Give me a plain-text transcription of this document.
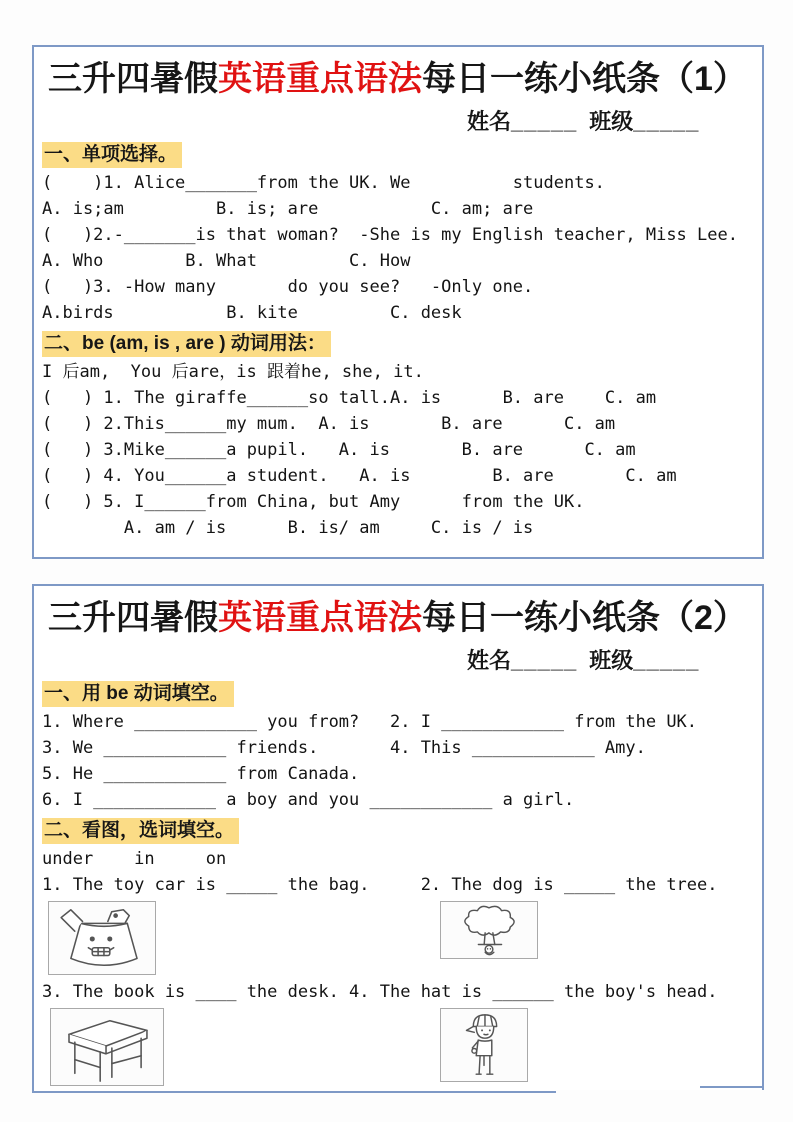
三升四暑假英语重点语法每日一练小纸条（1）
姓名_____ 班级_____
一、单项选择。
(    )1. Alice_______from the UK. We          students.
A. is;am         B. is; are           C. am; are
(   )2.-_______is that woman?  -She is my English teacher, Miss Lee.
A. Who        B. What         C. How
(   )3. -How many       do you see?   -Only one.
A.birds           B. kite         C. desk
二、be (am, is , are ) 动词用法：
I 后am,  You 后are，is 跟着he, she, it.
(   ) 1. The giraffe______so tall.A. is      B. are    C. am
(   ) 2.This______my mum.  A. is       B. are      C. am
(   ) 3.Mike______a pupil.   A. is       B. are      C. am
(   ) 4. You______a student.   A. is        B. are       C. am
(   ) 5. I______from China, but Amy      from the UK.
A. am / is      B. is/ am     C. is / is
三升四暑假英语重点语法每日一练小纸条（2）
姓名_____ 班级_____
一、用 be 动词填空。
1. Where ____________ you from?   2. I ____________ from the UK.
3. We ____________ friends.       4. This ____________ Amy.
5. He ____________ from Canada.
6. I ____________ a boy and you ____________ a girl.
二、看图，选词填空。
under    in     on
1. The toy car is _____ the bag.     2. The dog is _____ the tree.
3. The book is ____ the desk. 4. The hat is ______ the boy's head.
